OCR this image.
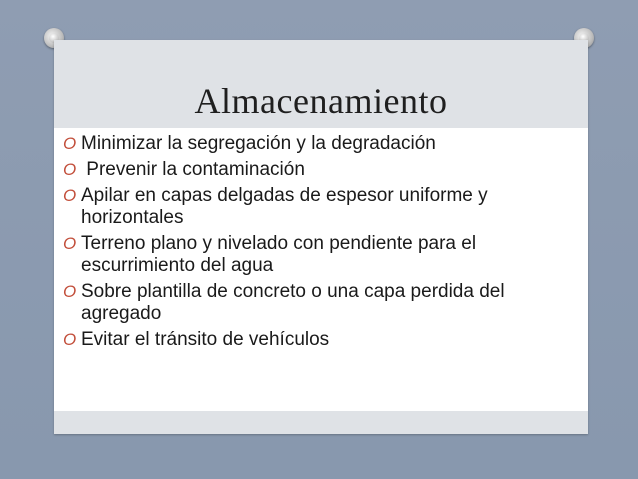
Almacenamiento
O Minimizar la segregación y la degradación
O Prevenir la contaminación
O Apilar en capas delgadas de espesor uniforme y horizontales
O Terreno plano y nivelado con pendiente para el escurrimiento del agua
O Sobre plantilla de concreto o una capa perdida del agregado
O Evitar el tránsito de vehículos
